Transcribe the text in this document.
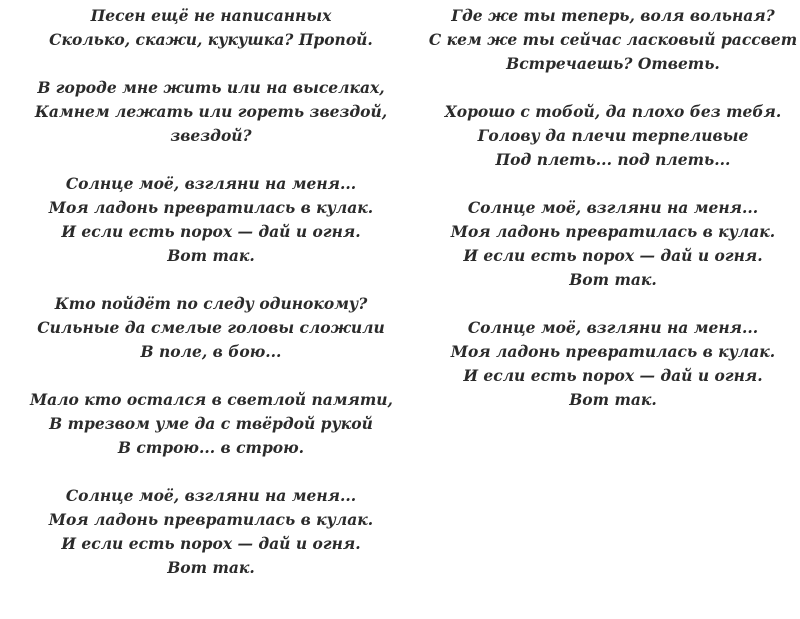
Песен ещё не написанных
Сколько, скажи, кукушка? Пропой.
В городе мне жить или на выселках,
Камнем лежать или гореть звездой,
звездой?
Солнце моё, взгляни на меня...
Моя ладонь превратилась в кулак.
И если есть порох — дай и огня.
Вот так.
Кто пойдёт по следу одинокому?
Сильные да смелые головы сложили
В поле, в бою...
Мало кто остался в светлой памяти,
В трезвом уме да с твёрдой рукой
В строю... в строю.
Солнце моё, взгляни на меня...
Моя ладонь превратилась в кулак.
И если есть порох — дай и огня.
Вот так.
Где же ты теперь, воля вольная?
С кем же ты сейчас ласковый рассвет
Встречаешь? Ответь.
Хорошо с тобой, да плохо без тебя.
Голову да плечи терпеливые
Под плеть... под плеть...
Солнце моё, взгляни на меня...
Моя ладонь превратилась в кулак.
И если есть порох — дай и огня.
Вот так.
Солнце моё, взгляни на меня...
Моя ладонь превратилась в кулак.
И если есть порох — дай и огня.
Вот так.
